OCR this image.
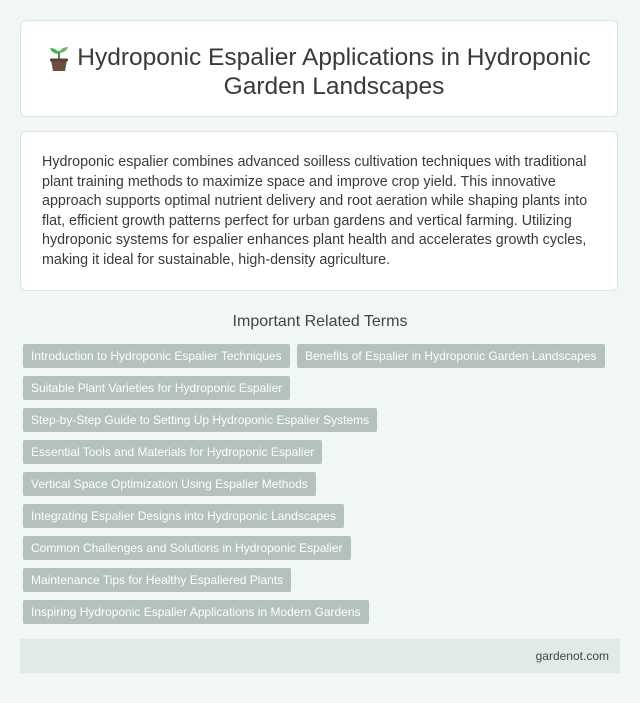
Hydroponic Espalier Applications in Hydroponic Garden Landscapes

Hydroponic espalier combines advanced soilless cultivation techniques with traditional plant training methods to maximize space and improve crop yield. This innovative approach supports optimal nutrient delivery and root aeration while shaping plants into flat, efficient growth patterns perfect for urban gardens and vertical farming. Utilizing hydroponic systems for espalier enhances plant health and accelerates growth cycles, making it ideal for sustainable, high-density agriculture.

Important Related Terms
Introduction to Hydroponic Espalier Techniques	Benefits of Espalier in Hydroponic Garden Landscapes
Suitable Plant Varieties for Hydroponic Espalier
Step-by-Step Guide to Setting Up Hydroponic Espalier Systems
Essential Tools and Materials for Hydroponic Espalier
Vertical Space Optimization Using Espalier Methods
Integrating Espalier Designs into Hydroponic Landscapes
Common Challenges and Solutions in Hydroponic Espalier
Maintenance Tips for Healthy Espaliered Plants
Inspiring Hydroponic Espalier Applications in Modern Gardens
gardenot.com
